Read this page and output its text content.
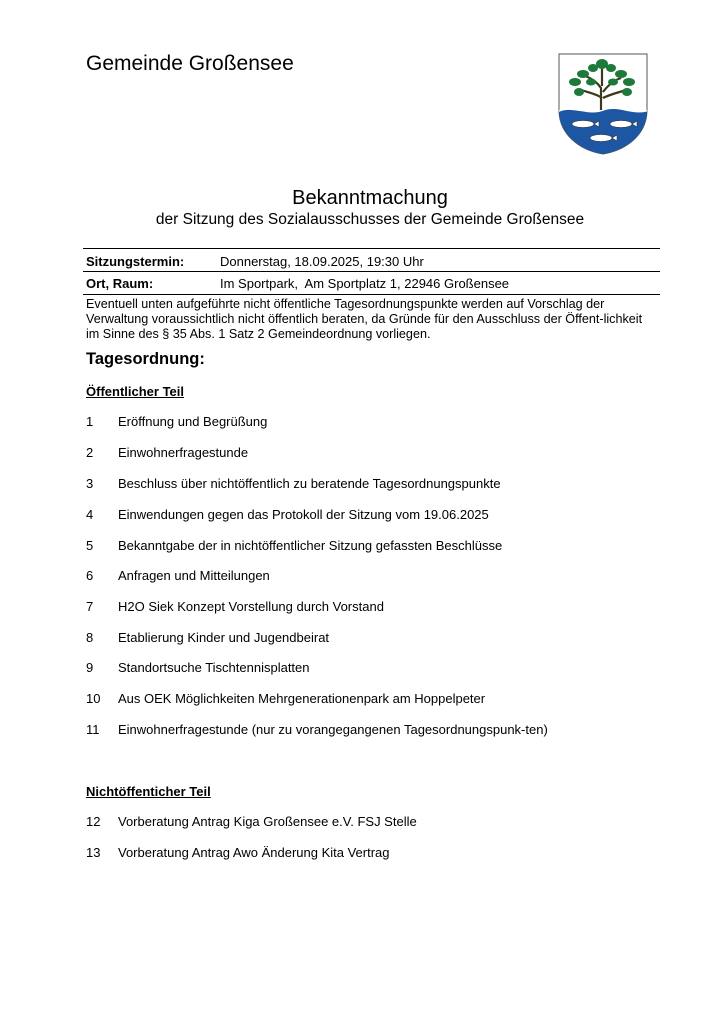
Gemeinde Großensee
Bekanntmachung
der Sitzung des Sozialausschusses der Gemeinde Großensee
Sitzungstermin:	Donnerstag, 18.09.2025, 19:30 Uhr
Ort, Raum:	Im Sportpark,  Am Sportplatz 1, 22946 Großensee
Eventuell unten aufgeführte nicht öffentliche Tagesordnungspunkte werden auf Vorschlag der Verwaltung voraussichtlich nicht öffentlich beraten, da Gründe für den Ausschluss der Öffent-lichkeit im Sinne des § 35 Abs. 1 Satz 2 Gemeindeordnung vorliegen.
Tagesordnung:
Öffentlicher Teil
1 Eröffnung und Begrüßung
2 Einwohnerfragestunde
3 Beschluss über nichtöffentlich zu beratende Tagesordnungspunkte
4 Einwendungen gegen das Protokoll der Sitzung vom 19.06.2025
5 Bekanntgabe der in nichtöffentlicher Sitzung gefassten Beschlüsse
6 Anfragen und Mitteilungen
7 H2O Siek Konzept Vorstellung durch Vorstand
8 Etablierung Kinder und Jugendbeirat
9 Standortsuche Tischtennisplatten
10 Aus OEK Möglichkeiten Mehrgenerationenpark am Hoppelpeter
11 Einwohnerfragestunde (nur zu vorangegangenen Tagesordnungspunk-ten)
Nichtöffenticher Teil
12 Vorberatung Antrag Kiga Großensee e.V. FSJ Stelle
13 Vorberatung Antrag Awo Änderung Kita Vertrag
